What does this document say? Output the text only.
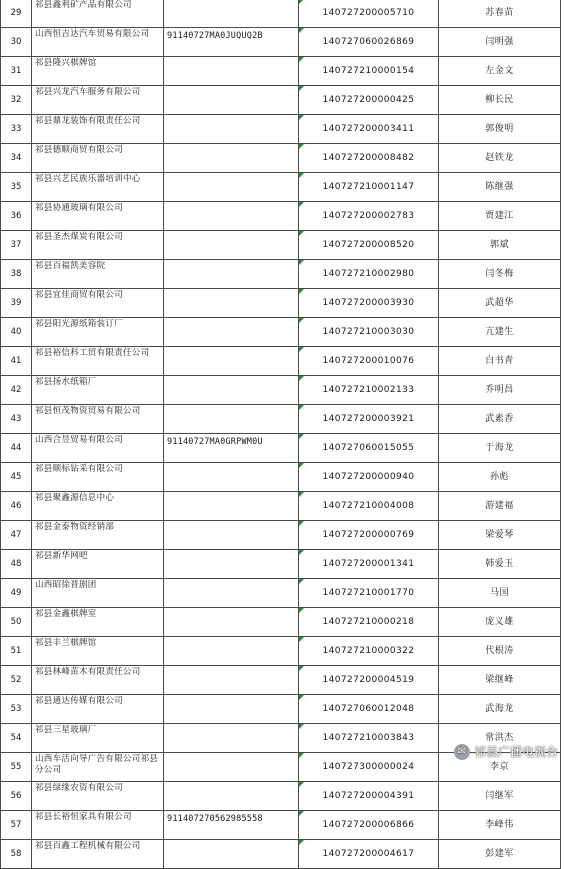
29	祁县鑫利矿产品有限公司		140727200005710	苏春苗
30	山西恒吉达汽车贸易有限公司	91140727MA0JUQUQ2B	140727060026869	闫明强
31	祁县隆兴棋牌馆		140727210000154	左金文
32	祁县兴龙汽车服务有限公司		140727200000425	柳长民
33	祁县鼎龙装饰有限责任公司		140727200003411	郭俊明
34	祁县德顺商贸有限公司		140727200008482	赵铁龙
35	祁县兴艺民族乐器培训中心		140727210001147	陈继强
36	祁县协通玻璃有限公司		140727200002783	贾建江
37	祁县圣杰煤炭有限公司		140727200008520	郭斌
38	祁县百福凯美容院		140727210002980	闫冬梅
39	祁县宜佳商贸有限公司		140727200003930	武超华
40	祁县阳光源纸箱装订厂		140727210003030	亢建生
41	祁县裕信科工贸有限责任公司		140727200010076	白书青
42	祁县扬水纸箱厂		140727210002133	乔明昌
43	祁县恒茂物资贸易有限公司		140727200003921	武素香
44	山西合昱贸易有限公司	91140727MA0GRPWM0U	140727060015055	于海龙
45	祁县顺标钻采有限公司		140727200000940	孙彪
46	祁县聚鑫源信息中心		140727210004008	游建福
47	祁县金泰物资经销部		140727200000769	梁爱琴
48	祁县新华网吧		140727200001341	韩爱玉
49	山西昭徐晋剧团		140727210001770	马国
50	祁县金鑫棋牌室		140727210000218	庞义雄
51	祁县丰兰棋牌馆		140727210000322	代根涛
52	祁县林峰苗木有限责任公司		140727200004519	梁继峰
53	祁县通达传媒有限公司		140727060012048	武海龙
54	祁县三星玻璃厂		140727210003843	常洪杰
55	山西车活向导广告有限公司祁县分公司		140727300000024	李京
56	祁县绿缘农资有限公司		140727200004391	闫继军
57	祁县长裕恒家具有限公司	911407270562985558	140727200006866	李峰伟
58	祁县百鑫工程机械有限公司		140727200004617	彭建军
✉ 祁县广播电视台
